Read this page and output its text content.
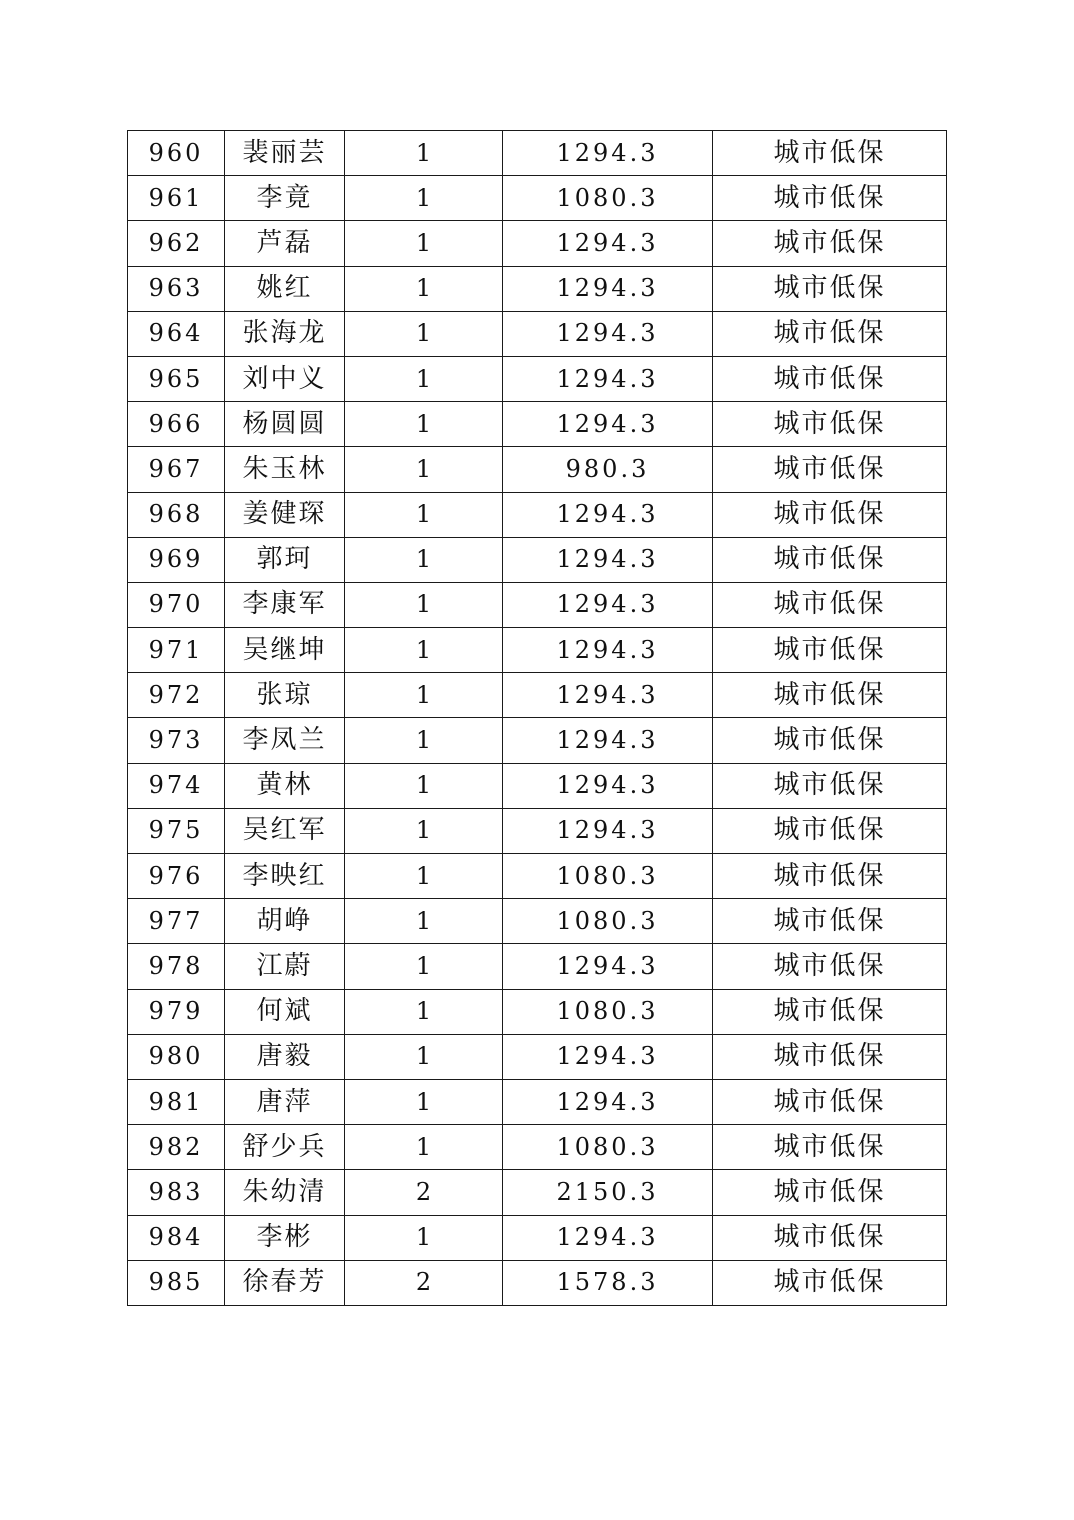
960	裴丽芸	1	1294.3	城市低保
961	李竟	1	1080.3	城市低保
962	芦磊	1	1294.3	城市低保
963	姚红	1	1294.3	城市低保
964	张海龙	1	1294.3	城市低保
965	刘中义	1	1294.3	城市低保
966	杨圆圆	1	1294.3	城市低保
967	朱玉林	1	980.3	城市低保
968	姜健琛	1	1294.3	城市低保
969	郭珂	1	1294.3	城市低保
970	李康军	1	1294.3	城市低保
971	吴继坤	1	1294.3	城市低保
972	张琼	1	1294.3	城市低保
973	李凤兰	1	1294.3	城市低保
974	黄林	1	1294.3	城市低保
975	吴红军	1	1294.3	城市低保
976	李映红	1	1080.3	城市低保
977	胡峥	1	1080.3	城市低保
978	江蔚	1	1294.3	城市低保
979	何斌	1	1080.3	城市低保
980	唐毅	1	1294.3	城市低保
981	唐萍	1	1294.3	城市低保
982	舒少兵	1	1080.3	城市低保
983	朱幼清	2	2150.3	城市低保
984	李彬	1	1294.3	城市低保
985	徐春芳	2	1578.3	城市低保
